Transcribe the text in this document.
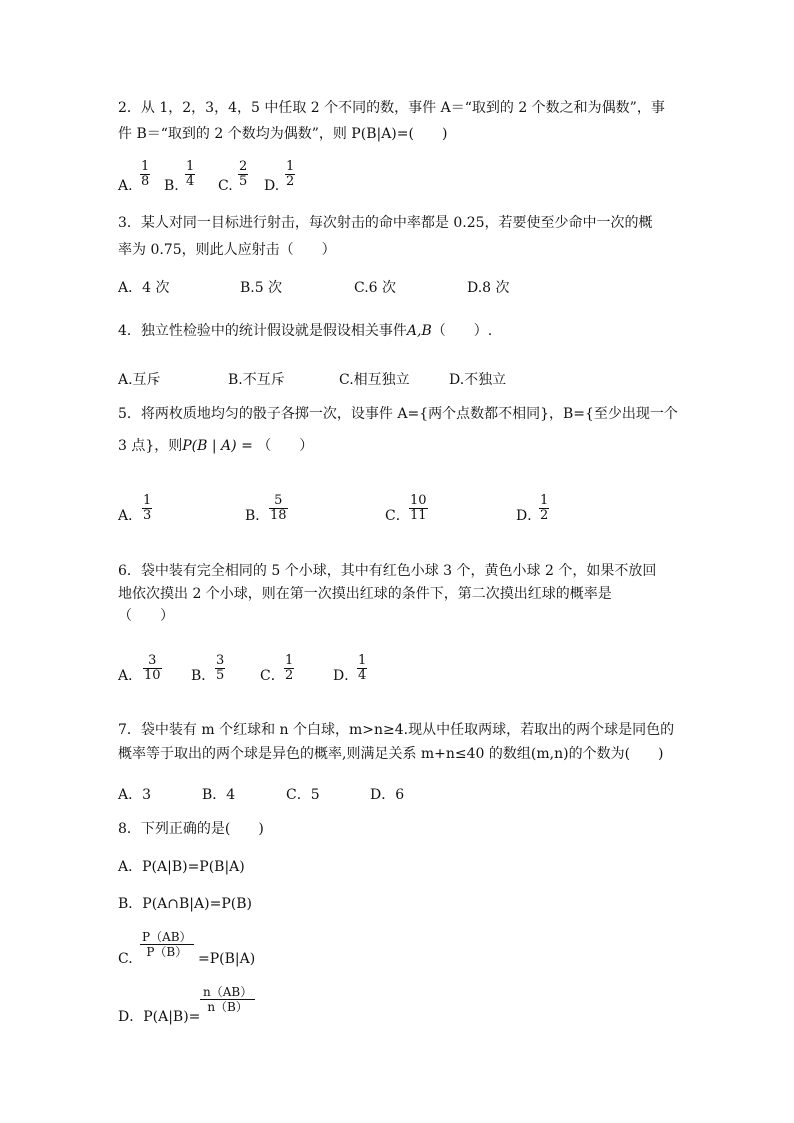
2．从 1，2，3，4，5 中任取 2 个不同的数，事件 A＝“取到的 2 个数之和为偶数”，事
件 B＝“取到的 2 个数均为偶数”，则 P(B|A)=(　　)
A. $\frac{1}{8} B$. $\frac{1}{4} C$. $\frac{2}{5} D$. $\frac{1}{2}$
3．某人对同一目标进行射击，每次射击的命中率都是 0.25，若要使至少命中一次的概
率为 0.75，则此人应射击（　　）
A．4 次	B.5 次	C.6 次	D.8 次
4．独立性检验中的统计假设就是假设相关事件A,B（　　）.
A.互斥	B.不互斥	C.相互独立	D.不独立
5．将两枚质地均匀的骰子各掷一次，设事件 A={两个点数都不相同}，B={至少出现一个
3 点}，则P(B | A) = （　　）
A． $\frac{1}{3}$	B． $\frac{5}{18}$	C． $\frac{10}{11}$	D．
$\frac{1}{2}$
6．袋中装有完全相同的 5 个小球，其中有红色小球 3 个，黄色小球 2 个，如果不放回
地依次摸出 2 个小球，则在第一次摸出红球的条件下，第二次摸出红球的概率是
（　　）
A． $\frac{3}{10}$ B． $\frac{3}{5}$ C． $\frac{1}{2}$	D．
$\frac{1}{4}$
7．袋中装有 m 个红球和 n 个白球，m>n≥4.现从中任取两球，若取出的两个球是同色的
概率等于取出的两个球是异色的概率,则满足关系 m+n≤40 的数组(m,n)的个数为(　　)
A．3	B．4	C．5	D．6
8．下列正确的是(　　)
A．P(A|B)=P(B|A)
B．P(A∩B|A)=P(B)
C. $\frac{P(AB)}{P(B)} =P(B|A)$
D．P(A|B)=
$\frac{n(AB)}{n(B)}$
